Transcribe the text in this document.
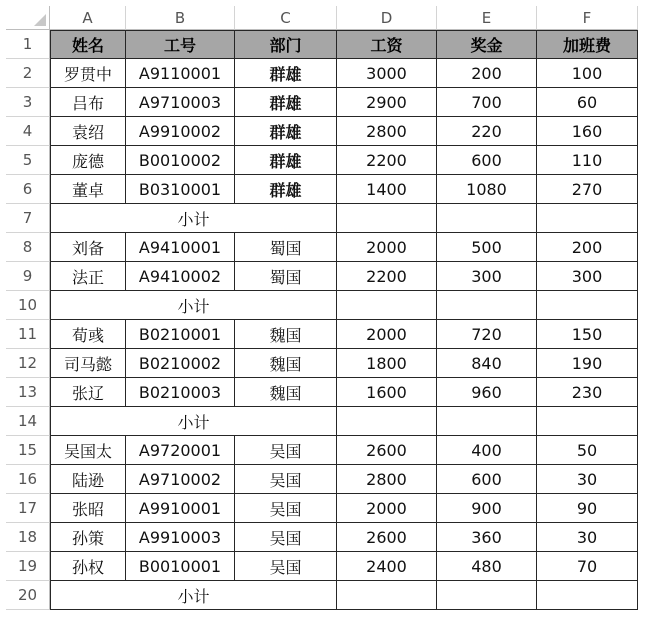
A	B	C	D	E	F
1
2
3
4
5
6
7
8
9
10
11
12
13
14
15
16
17
18
19
20
姓名	工号	部门	工资	奖金	加班费
罗贯中	A9110001	群雄	3000	200	100
吕布	A9710003	群雄	2900	700	60
袁绍	A9910002	群雄	2800	220	160
庞德	B0010002	群雄	2200	600	110
董卓	B0310001	群雄	1400	1080	270
小计
刘备	A9410001	蜀国	2000	500	200
法正	A9410002	蜀国	2200	300	300
小计
荀彧	B0210001	魏国	2000	720	150
司马懿	B0210002	魏国	1800	840	190
张辽	B0210003	魏国	1600	960	230
小计
吴国太	A9720001	吴国	2600	400	50
陆逊	A9710002	吴国	2800	600	30
张昭	A9910001	吴国	2000	900	90
孙策	A9910003	吴国	2600	360	30
孙权	B0010001	吴国	2400	480	70
小计
